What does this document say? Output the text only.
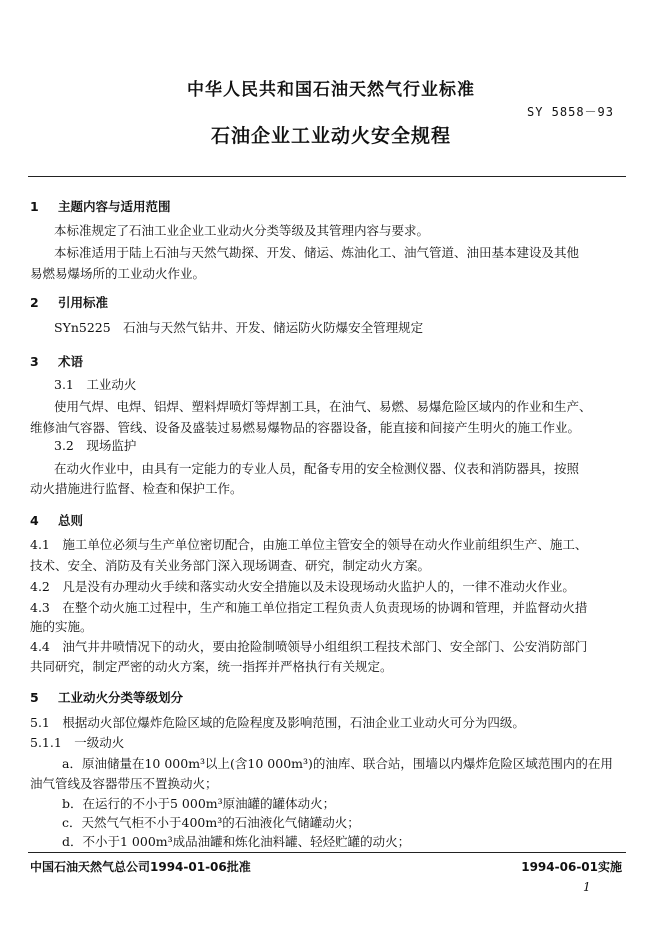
中华人民共和国石油天然气行业标准
SY 5858－93
石油企业工业动火安全规程
1 主题内容与适用范围
本标准规定了石油工业企业工业动火分类等级及其管理内容与要求。
本标准适用于陆上石油与天然气勘探、开发、储运、炼油化工、油气管道、油田基本建设及其他
易燃易爆场所的工业动火作业。
2 引用标准
SYn5225　石油与天然气钻井、开发、储运防火防爆安全管理规定
3 术语
3.1　工业动火
使用气焊、电焊、铝焊、塑料焊喷灯等焊割工具，在油气、易燃、易爆危险区域内的作业和生产、
维修油气容器、管线、设备及盛装过易燃易爆物品的容器设备，能直接和间接产生明火的施工作业。
3.2　现场监护
在动火作业中，由具有一定能力的专业人员，配备专用的安全检测仪器、仪表和消防器具，按照
动火措施进行监督、检查和保护工作。
4 总则
4.1　施工单位必须与生产单位密切配合，由施工单位主管安全的领导在动火作业前组织生产、施工、
技术、安全、消防及有关业务部门深入现场调查、研究，制定动火方案。
4.2　凡是没有办理动火手续和落实动火安全措施以及未设现场动火监护人的，一律不准动火作业。
4.3　在整个动火施工过程中，生产和施工单位指定工程负责人负责现场的协调和管理，并监督动火措
施的实施。
4.4　油气井井喷情况下的动火，要由抢险制喷领导小组组织工程技术部门、安全部门、公安消防部门
共同研究，制定严密的动火方案，统一指挥并严格执行有关规定。
5 工业动火分类等级划分
5.1　根据动火部位爆炸危险区域的危险程度及影响范围，石油企业工业动火可分为四级。
5.1.1　一级动火
a．原油储量在10 000m³以上(含10 000m³)的油库、联合站，围墙以内爆炸危险区域范围内的在用
油气管线及容器带压不置换动火；
b．在运行的不小于5 000m³原油罐的罐体动火；
c．天然气气柜不小于400m³的石油液化气储罐动火；
d．不小于1 000m³成品油罐和炼化油料罐、轻烃贮罐的动火；
中国石油天然气总公司1994-01-06批准	1994-06-01实施
1
